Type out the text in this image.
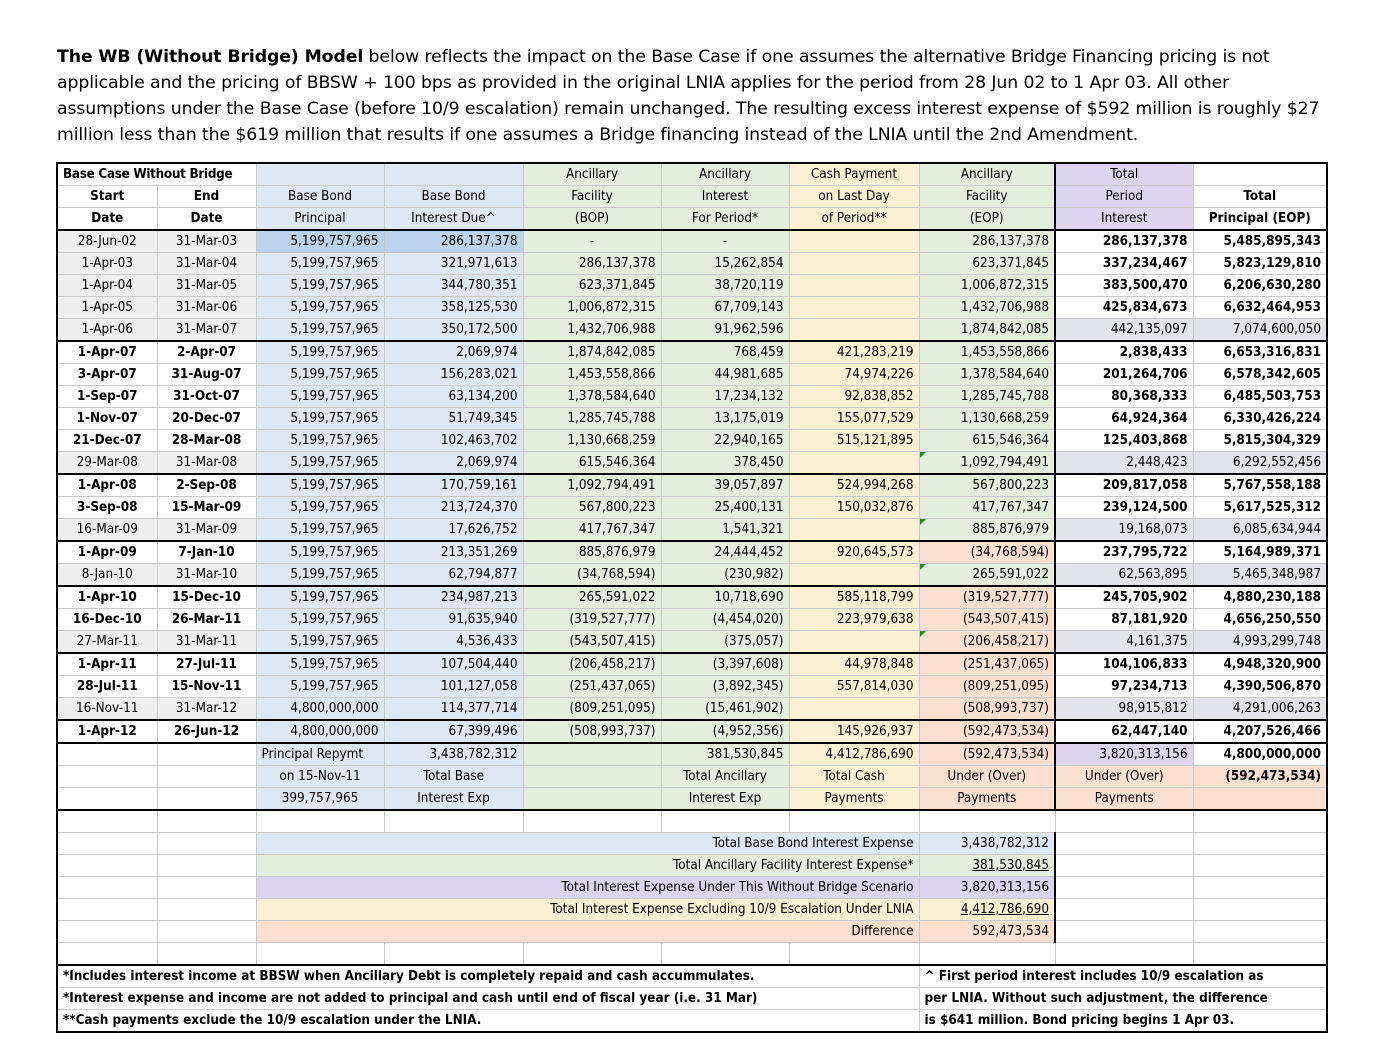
The WB (Without Bridge) Model below reflects the impact on the Base Case if one assumes the alternative Bridge Financing pricing is not applicable and the pricing of BBSW + 100 bps as provided in the original LNIA applies for the period from 28 Jun 02 to 1 Apr 03. All other assumptions under the Base Case (before 10/9 escalation) remain unchanged. The resulting excess interest expense of $592 million is roughly $27 million less than the $619 million that results if one assumes a Bridge financing instead of the LNIA until the 2nd Amendment.
Base Case Without Bridge				Ancillary	Ancillary	Cash Payment	Ancillary	Total	
Start	End	Base Bond	Base Bond	Facility	Interest	on Last Day	Facility	Period	Total
Date	Date	Principal	Interest Due^	(BOP)	For Period*	of Period**	(EOP)	Interest	Principal (EOP)
28-Jun-02	31-Mar-03	5,199,757,965	286,137,378	-	-		286,137,378	286,137,378	5,485,895,343
1-Apr-03	31-Mar-04	5,199,757,965	321,971,613	286,137,378	15,262,854		623,371,845	337,234,467	5,823,129,810
1-Apr-04	31-Mar-05	5,199,757,965	344,780,351	623,371,845	38,720,119		1,006,872,315	383,500,470	6,206,630,280
1-Apr-05	31-Mar-06	5,199,757,965	358,125,530	1,006,872,315	67,709,143		1,432,706,988	425,834,673	6,632,464,953
1-Apr-06	31-Mar-07	5,199,757,965	350,172,500	1,432,706,988	91,962,596		1,874,842,085	442,135,097	7,074,600,050
1-Apr-07	2-Apr-07	5,199,757,965	2,069,974	1,874,842,085	768,459	421,283,219	1,453,558,866	2,838,433	6,653,316,831
3-Apr-07	31-Aug-07	5,199,757,965	156,283,021	1,453,558,866	44,981,685	74,974,226	1,378,584,640	201,264,706	6,578,342,605
1-Sep-07	31-Oct-07	5,199,757,965	63,134,200	1,378,584,640	17,234,132	92,838,852	1,285,745,788	80,368,333	6,485,503,753
1-Nov-07	20-Dec-07	5,199,757,965	51,749,345	1,285,745,788	13,175,019	155,077,529	1,130,668,259	64,924,364	6,330,426,224
21-Dec-07	28-Mar-08	5,199,757,965	102,463,702	1,130,668,259	22,940,165	515,121,895	615,546,364	125,403,868	5,815,304,329
29-Mar-08	31-Mar-08	5,199,757,965	2,069,974	615,546,364	378,450		1,092,794,491	2,448,423	6,292,552,456
1-Apr-08	2-Sep-08	5,199,757,965	170,759,161	1,092,794,491	39,057,897	524,994,268	567,800,223	209,817,058	5,767,558,188
3-Sep-08	15-Mar-09	5,199,757,965	213,724,370	567,800,223	25,400,131	150,032,876	417,767,347	239,124,500	5,617,525,312
16-Mar-09	31-Mar-09	5,199,757,965	17,626,752	417,767,347	1,541,321		885,876,979	19,168,073	6,085,634,944
1-Apr-09	7-Jan-10	5,199,757,965	213,351,269	885,876,979	24,444,452	920,645,573	(34,768,594)	237,795,722	5,164,989,371
8-Jan-10	31-Mar-10	5,199,757,965	62,794,877	(34,768,594)	(230,982)		265,591,022	62,563,895	5,465,348,987
1-Apr-10	15-Dec-10	5,199,757,965	234,987,213	265,591,022	10,718,690	585,118,799	(319,527,777)	245,705,902	4,880,230,188
16-Dec-10	26-Mar-11	5,199,757,965	91,635,940	(319,527,777)	(4,454,020)	223,979,638	(543,507,415)	87,181,920	4,656,250,550
27-Mar-11	31-Mar-11	5,199,757,965	4,536,433	(543,507,415)	(375,057)		(206,458,217)	4,161,375	4,993,299,748
1-Apr-11	27-Jul-11	5,199,757,965	107,504,440	(206,458,217)	(3,397,608)	44,978,848	(251,437,065)	104,106,833	4,948,320,900
28-Jul-11	15-Nov-11	5,199,757,965	101,127,058	(251,437,065)	(3,892,345)	557,814,030	(809,251,095)	97,234,713	4,390,506,870
16-Nov-11	31-Mar-12	4,800,000,000	114,377,714	(809,251,095)	(15,461,902)		(508,993,737)	98,915,812	4,291,006,263
1-Apr-12	26-Jun-12	4,800,000,000	67,399,496	(508,993,737)	(4,952,356)	145,926,937	(592,473,534)	62,447,140	4,207,526,466
		Principal Repymt	3,438,782,312		381,530,845	4,412,786,690	(592,473,534)	3,820,313,156	4,800,000,000
		on 15-Nov-11	Total Base		Total Ancillary	Total Cash	Under (Over)	Under (Over)	(592,473,534)
		399,757,965	Interest Exp		Interest Exp	Payments	Payments	Payments	

		Total Base Bond Interest Expense					3,438,782,312		
		Total Ancillary Facility Interest Expense*					381,530,845		
		Total Interest Expense Under This Without Bridge Scenario					3,820,313,156		
		Total Interest Expense Excluding 10/9 Escalation Under LNIA					4,412,786,690		
		Difference					592,473,534		

*Includes interest income at BBSW when Ancillary Debt is completely repaid and cash accummulates.							^ First period interest includes 10/9 escalation as		
*Interest expense and income are not added to principal and cash until end of fiscal year (i.e. 31 Mar)							per LNIA. Without such adjustment, the difference		
**Cash payments exclude the 10/9 escalation under the LNIA.							is $641 million. Bond pricing begins 1 Apr 03.		
